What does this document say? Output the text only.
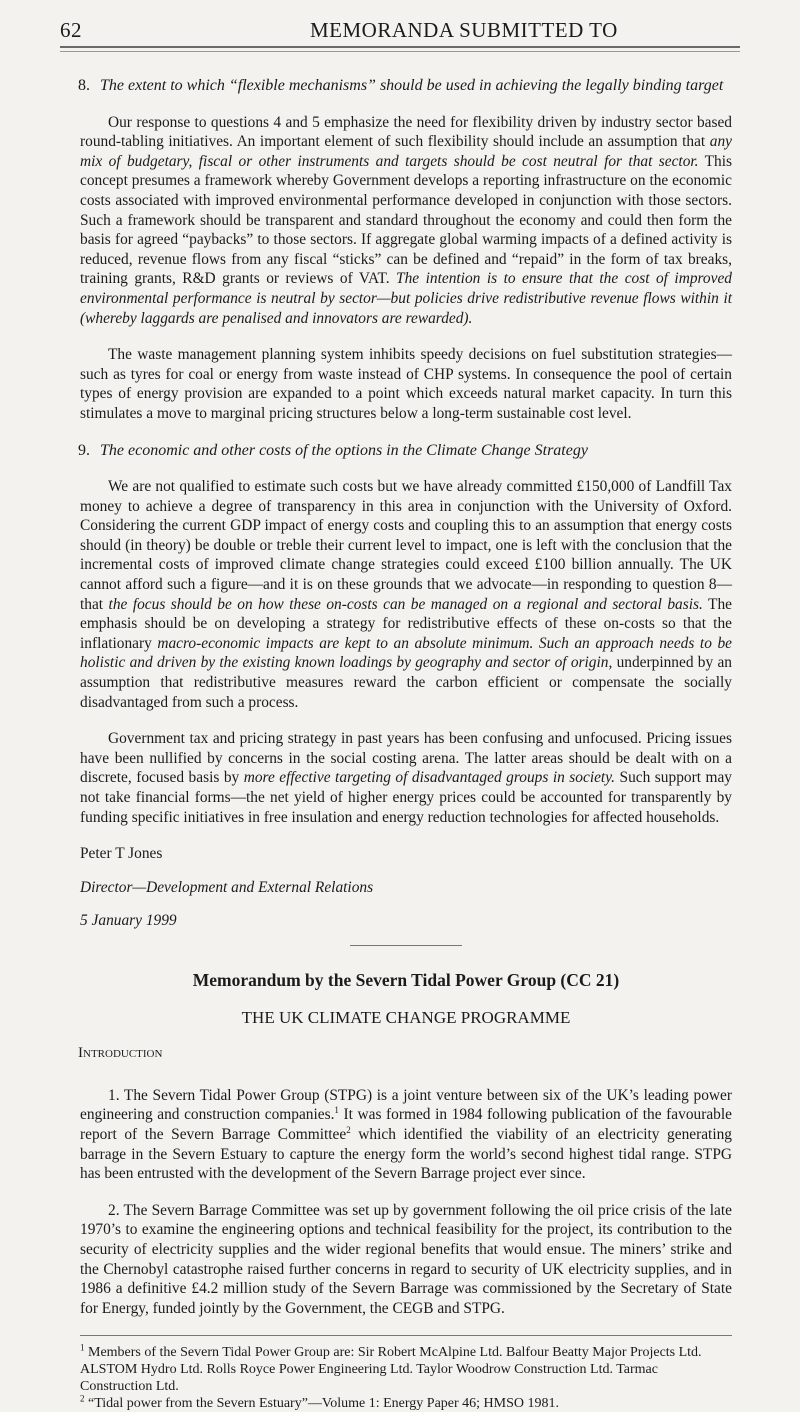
62	MEMORANDA SUBMITTED TO
8. The extent to which “flexible mechanisms” should be used in achieving the legally binding target

Our response to questions 4 and 5 emphasize the need for flexibility driven by industry sector based round-tabling initiatives. An important element of such flexibility should include an assumption that any mix of budgetary, fiscal or other instruments and targets should be cost neutral for that sector. This concept presumes a framework whereby Government develops a reporting infrastructure on the economic costs associated with improved environmental performance developed in conjunction with those sectors. Such a framework should be transparent and standard throughout the economy and could then form the basis for agreed “paybacks” to those sectors. If aggregate global warming impacts of a defined activity is reduced, revenue flows from any fiscal “sticks” can be defined and “repaid” in the form of tax breaks, training grants, R&D grants or reviews of VAT. The intention is to ensure that the cost of improved environmental performance is neutral by sector—but policies drive redistributive revenue flows within it (whereby laggards are penalised and innovators are rewarded).

The waste management planning system inhibits speedy decisions on fuel substitution strategies—such as tyres for coal or energy from waste instead of CHP systems. In consequence the pool of certain types of energy provision are expanded to a point which exceeds natural market capacity. In turn this stimulates a move to marginal pricing structures below a long-term sustainable cost level.

9. The economic and other costs of the options in the Climate Change Strategy

We are not qualified to estimate such costs but we have already committed £150,000 of Landfill Tax money to achieve a degree of transparency in this area in conjunction with the University of Oxford. Considering the current GDP impact of energy costs and coupling this to an assumption that energy costs should (in theory) be double or treble their current level to impact, one is left with the conclusion that the incremental costs of improved climate change strategies could exceed £100 billion annually. The UK cannot afford such a figure—and it is on these grounds that we advocate—in responding to question 8—that the focus should be on how these on-costs can be managed on a regional and sectoral basis. The emphasis should be on developing a strategy for redistributive effects of these on-costs so that the inflationary macro-economic impacts are kept to an absolute minimum. Such an approach needs to be holistic and driven by the existing known loadings by geography and sector of origin, underpinned by an assumption that redistributive measures reward the carbon efficient or compensate the socially disadvantaged from such a process.

Government tax and pricing strategy in past years has been confusing and unfocused. Pricing issues have been nullified by concerns in the social costing arena. The latter areas should be dealt with on a discrete, focused basis by more effective targeting of disadvantaged groups in society. Such support may not take financial forms—the net yield of higher energy prices could be accounted for transparently by funding specific initiatives in free insulation and energy reduction technologies for affected households.

Peter T Jones
Director—Development and External Relations
5 January 1999
Memorandum by the Severn Tidal Power Group (CC 21)
THE UK CLIMATE CHANGE PROGRAMME
Introduction

1. The Severn Tidal Power Group (STPG) is a joint venture between six of the UK’s leading power engineering and construction companies.$^1$ It was formed in 1984 following publication of the favourable report of the Severn Barrage Committee$^2$ which identified the viability of an electricity generating barrage in the Severn Estuary to capture the energy form the world’s second highest tidal range. STPG has been entrusted with the development of the Severn Barrage project ever since.

2. The Severn Barrage Committee was set up by government following the oil price crisis of the late 1970’s to examine the engineering options and technical feasibility for the project, its contribution to the security of electricity supplies and the wider regional benefits that would ensue. The miners’ strike and the Chernobyl catastrophe raised further concerns in regard to security of UK electricity supplies, and in 1986 a definitive £4.2 million study of the Severn Barrage was commissioned by the Secretary of State for Energy, funded jointly by the Government, the CEGB and STPG.

$^1$ Members of the Severn Tidal Power Group are: Sir Robert McAlpine Ltd. Balfour Beatty Major Projects Ltd. ALSTOM Hydro Ltd. Rolls Royce Power Engineering Ltd. Taylor Woodrow Construction Ltd. Tarmac Construction Ltd.

$^2$ “Tidal power from the Severn Estuary”—Volume 1: Energy Paper 46; HMSO 1981.
